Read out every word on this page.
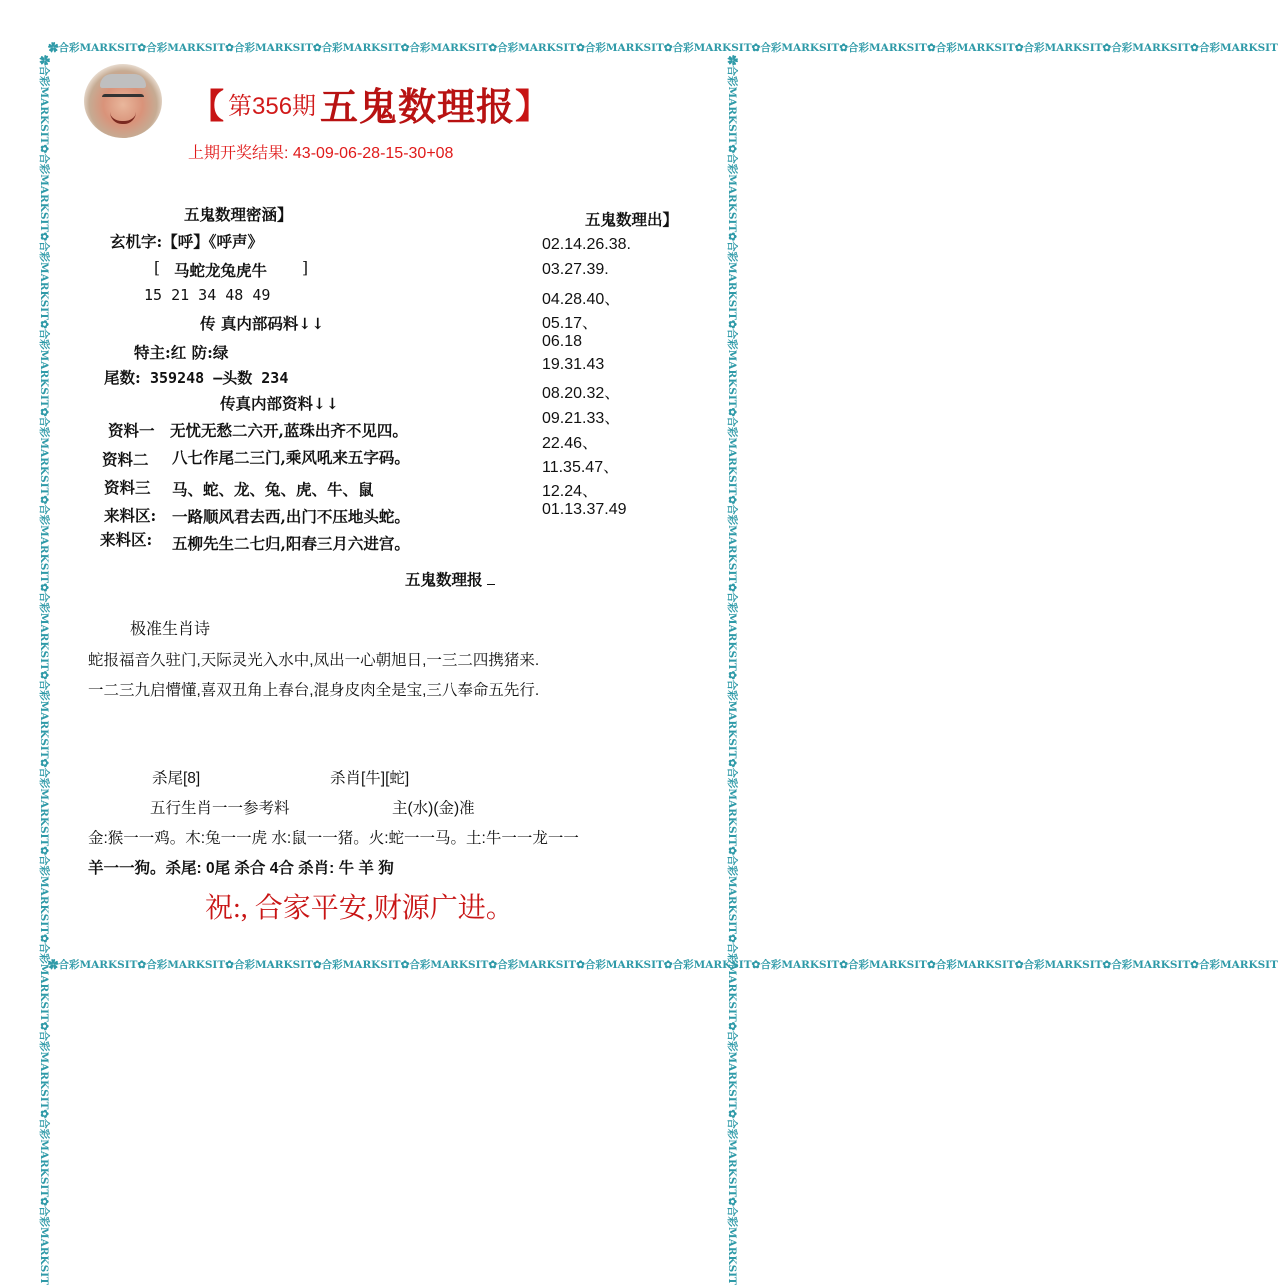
✿合彩MARKSIT✿合彩MARKSIT✿合彩MARKSIT✿合彩MARKSIT✿合彩MARKSIT✿合彩MARKSIT✿合彩MARKSIT✿合彩MARKSIT✿合彩MARKSIT✿合彩MARKSIT✿合彩MARKSIT✿合彩MARKSIT✿合彩MARKSIT✿合彩MARKSIT
✿合彩MARKSIT✿合彩MARKSIT✿合彩MARKSIT✿合彩MARKSIT✿合彩MARKSIT✿合彩MARKSIT✿合彩MARKSIT✿合彩MARKSIT✿合彩MARKSIT✿合彩MARKSIT✿合彩MARKSIT✿合彩MARKSIT✿合彩MARKSIT✿合彩MARKSIT
✿合彩MARKSIT✿合彩MARKSIT✿合彩MARKSIT✿合彩MARKSIT✿合彩MARKSIT✿合彩MARKSIT✿合彩MARKSIT✿合彩MARKSIT✿合彩MARKSIT✿合彩MARKSIT✿合彩MARKSIT✿合彩MARKSIT✿合彩MARKSIT✿合彩MARKSIT	✿合彩MARKSIT✿合彩MARKSIT✿合彩MARKSIT✿合彩MARKSIT✿合彩MARKSIT✿合彩MARKSIT✿合彩MARKSIT✿合彩MARKSIT✿合彩MARKSIT✿合彩MARKSIT✿合彩MARKSIT✿合彩MARKSIT✿合彩MARKSIT✿合彩MARKSIT
【 第356期 五鬼数理报】
上期开奖结果: 43-09-06-28-15-30+08
五鬼数理密涵】
玄机字:【呼】《呼声》
[ 马蛇龙兔虎牛 ]
15 21 34 48 49
传 真内部码料↓↓
特主:红 防:绿
尾数: 359248 —头数 234
传真内部资料↓↓
资料一 无忧无愁二六开,蓝珠出齐不见四。
资料二 八七作尾二三门,乘风吼来五字码。
资料三 马、蛇、龙、兔、虎、牛、鼠
来料区: 一路顺风君去西,出门不压地头蛇。
来料区: 五柳先生二七归,阳春三月六进宫。
五鬼数理报
五鬼数理出】
02.14.26.38.
03.27.39.
04.28.40、
05.17、
06.18
19.31.43
08.20.32、
09.21.33、
22.46、
11.35.47、
12.24、
01.13.37.49
极准生肖诗
蛇报福音久驻门,天际灵光入水中,凤出一心朝旭日,一三二四携猪来.
一二三九启懵懂,喜双丑角上春台,混身皮肉全是宝,三八奉命五先行.
杀尾[8]	杀肖[牛][蛇]
五行生肖一一参考料	主(水)(金)准
金:猴一一鸡。木:兔一一虎 水:鼠一一猪。火:蛇一一马。土:牛一一龙一一
羊一一狗。杀尾: 0尾 杀合 4合 杀肖: 牛 羊 狗
祝:, 合家平安,财源广进。
